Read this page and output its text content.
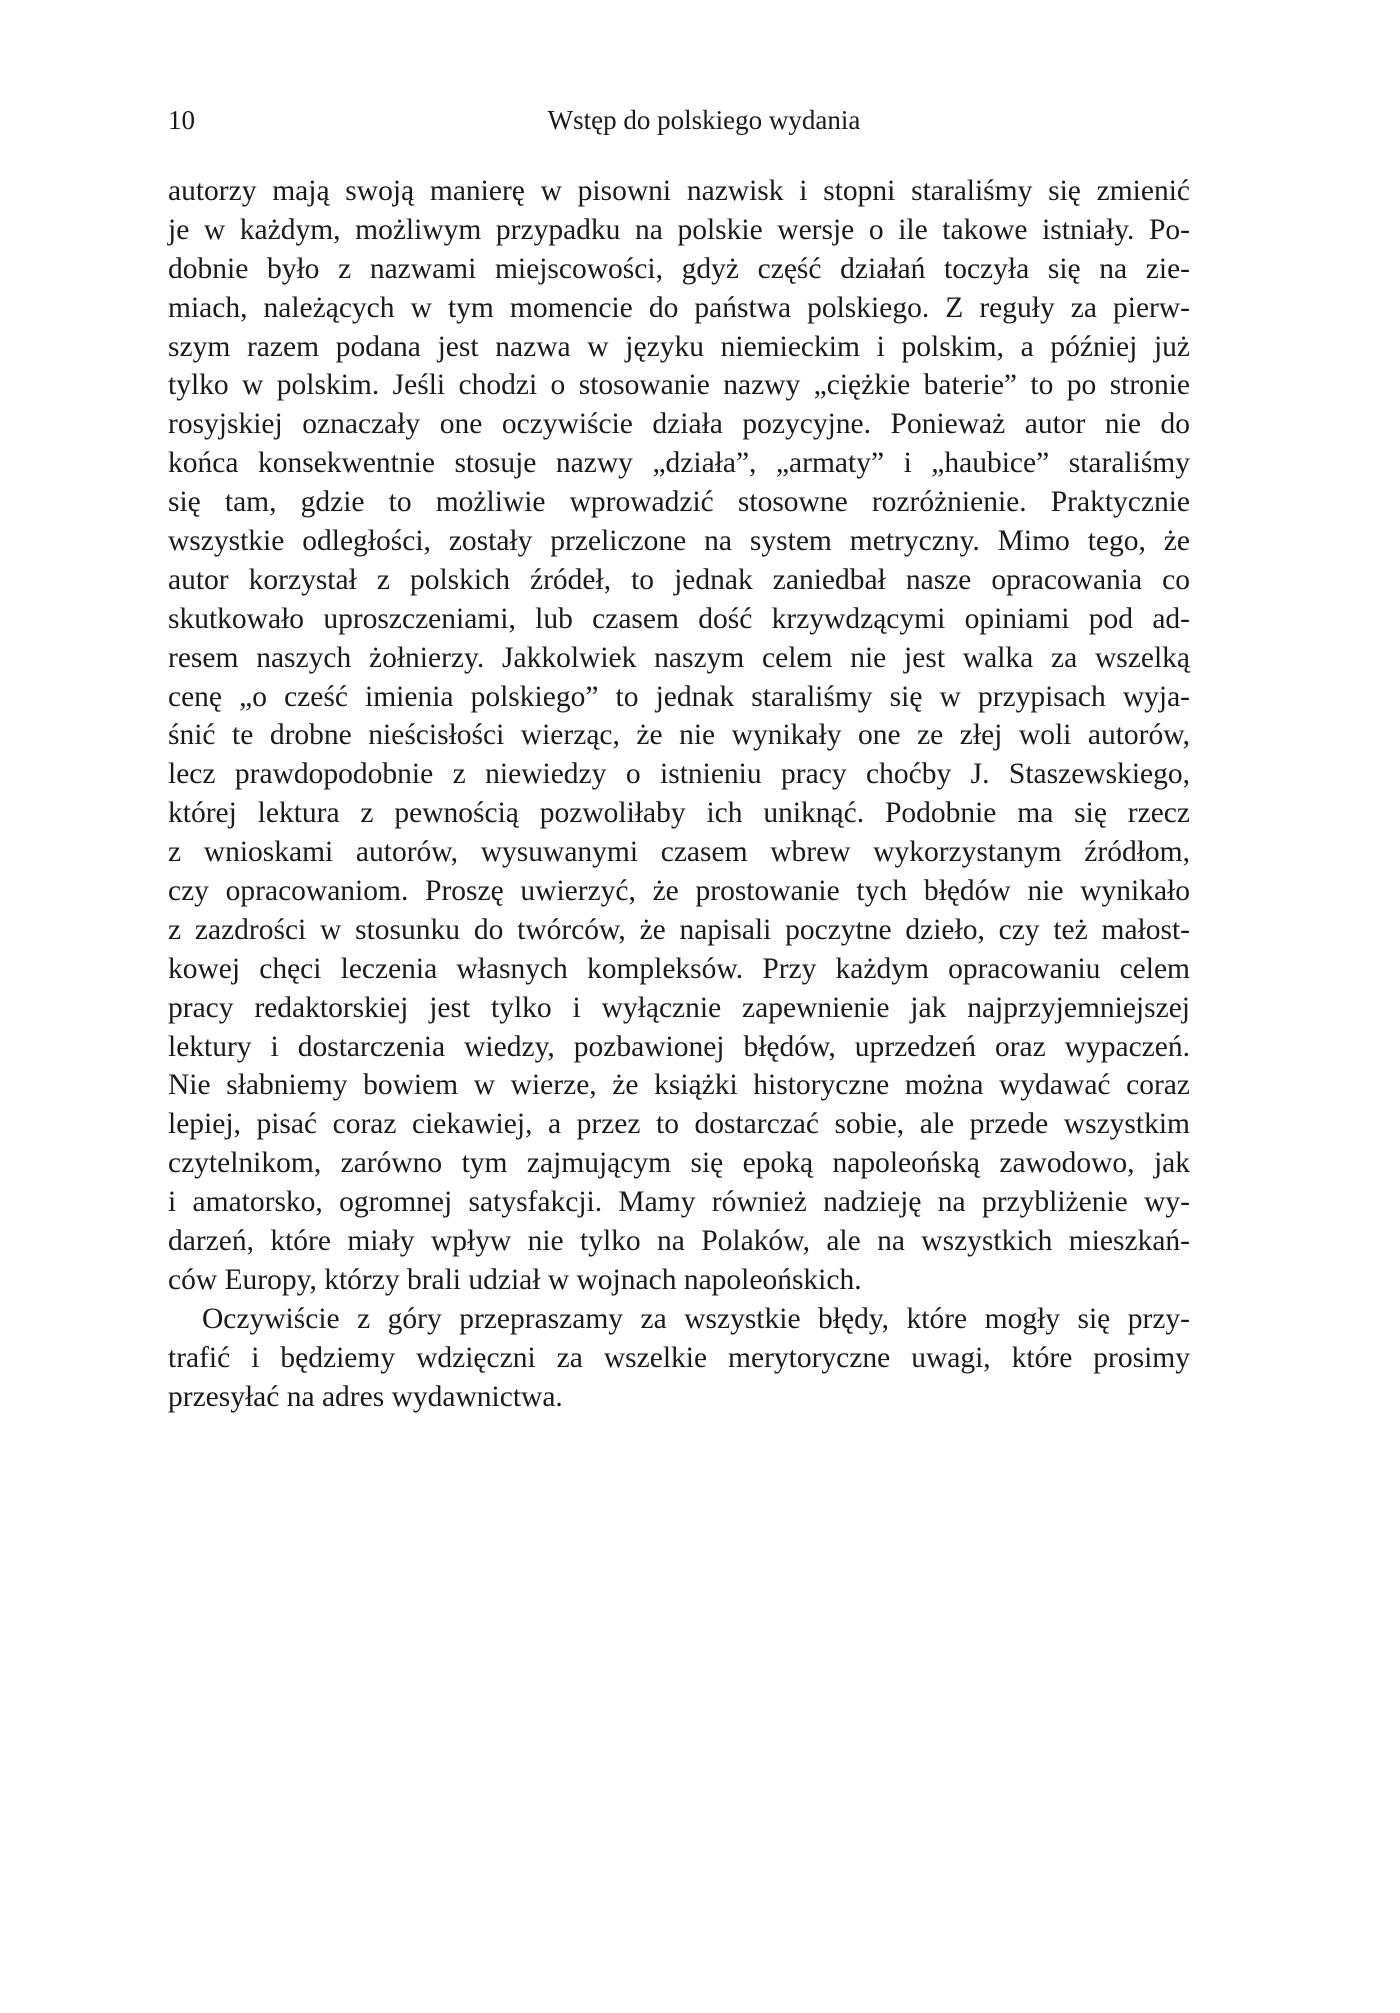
10	Wstęp do polskiego wydania
autorzy mają swoją manierę w pisowni nazwisk i stopni staraliśmy się zmienić
je w każdym, możliwym przypadku na polskie wersje o ile takowe istniały. Po-
dobnie było z nazwami miejscowości, gdyż część działań toczyła się na zie-
miach, należących w tym momencie do państwa polskiego. Z reguły za pierw-
szym razem podana jest nazwa w języku niemieckim i polskim, a później już
tylko w polskim. Jeśli chodzi o stosowanie nazwy „ciężkie baterie” to po stronie
rosyjskiej oznaczały one oczywiście działa pozycyjne. Ponieważ autor nie do
końca konsekwentnie stosuje nazwy „działa”, „armaty” i „haubice” staraliśmy
się tam, gdzie to możliwie wprowadzić stosowne rozróżnienie. Praktycznie
wszystkie odległości, zostały przeliczone na system metryczny. Mimo tego, że
autor korzystał z polskich źródeł, to jednak zaniedbał nasze opracowania co
skutkowało uproszczeniami, lub czasem dość krzywdzącymi opiniami pod ad-
resem naszych żołnierzy. Jakkolwiek naszym celem nie jest walka za wszelką
cenę „o cześć imienia polskiego” to jednak staraliśmy się w przypisach wyja-
śnić te drobne nieścisłości wierząc, że nie wynikały one ze złej woli autorów,
lecz prawdopodobnie z niewiedzy o istnieniu pracy choćby J. Staszewskiego,
której lektura z pewnością pozwoliłaby ich uniknąć. Podobnie ma się rzecz
z wnioskami autorów, wysuwanymi czasem wbrew wykorzystanym źródłom,
czy opracowaniom. Proszę uwierzyć, że prostowanie tych błędów nie wynikało
z zazdrości w stosunku do twórców, że napisali poczytne dzieło, czy też małost-
kowej chęci leczenia własnych kompleksów. Przy każdym opracowaniu celem
pracy redaktorskiej jest tylko i wyłącznie zapewnienie jak najprzyjemniejszej
lektury i dostarczenia wiedzy, pozbawionej błędów, uprzedzeń oraz wypaczeń.
Nie słabniemy bowiem w wierze, że książki historyczne można wydawać coraz
lepiej, pisać coraz ciekawiej, a przez to dostarczać sobie, ale przede wszystkim
czytelnikom, zarówno tym zajmującym się epoką napoleońską zawodowo, jak
i amatorsko, ogromnej satysfakcji. Mamy również nadzieję na przybliżenie wy-
darzeń, które miały wpływ nie tylko na Polaków, ale na wszystkich mieszkań-
ców Europy, którzy brali udział w wojnach napoleońskich.
Oczywiście z góry przepraszamy za wszystkie błędy, które mogły się przy-
trafić i będziemy wdzięczni za wszelkie merytoryczne uwagi, które prosimy
przesyłać na adres wydawnictwa.
